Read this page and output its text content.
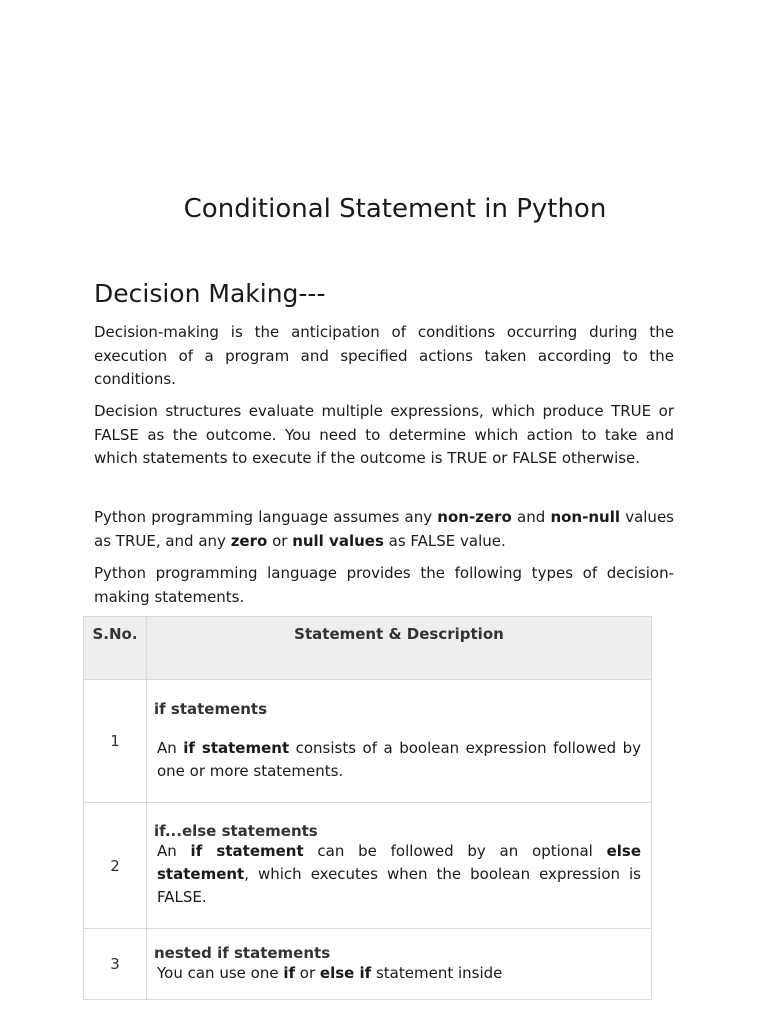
Conditional Statement in Python
Decision Making---

Decision-making is the anticipation of conditions occurring during the execution of a program and specified actions taken according to the conditions.

Decision structures evaluate multiple expressions, which produce TRUE or FALSE as the outcome. You need to determine which action to take and which statements to execute if the outcome is TRUE or FALSE otherwise.

Python programming language assumes any non-zero and non-null values as TRUE, and any zero or null values as FALSE value.

Python programming language provides the following types of decision-making statements.

S.No.	Statement & Description
1	if statements
An if statement consists of a boolean expression followed by one or more statements.

2	if...else statements
An if statement can be followed by an optional else statement, which executes when the boolean expression is FALSE.

3	nested if statements
You can use one if or else if statement inside
